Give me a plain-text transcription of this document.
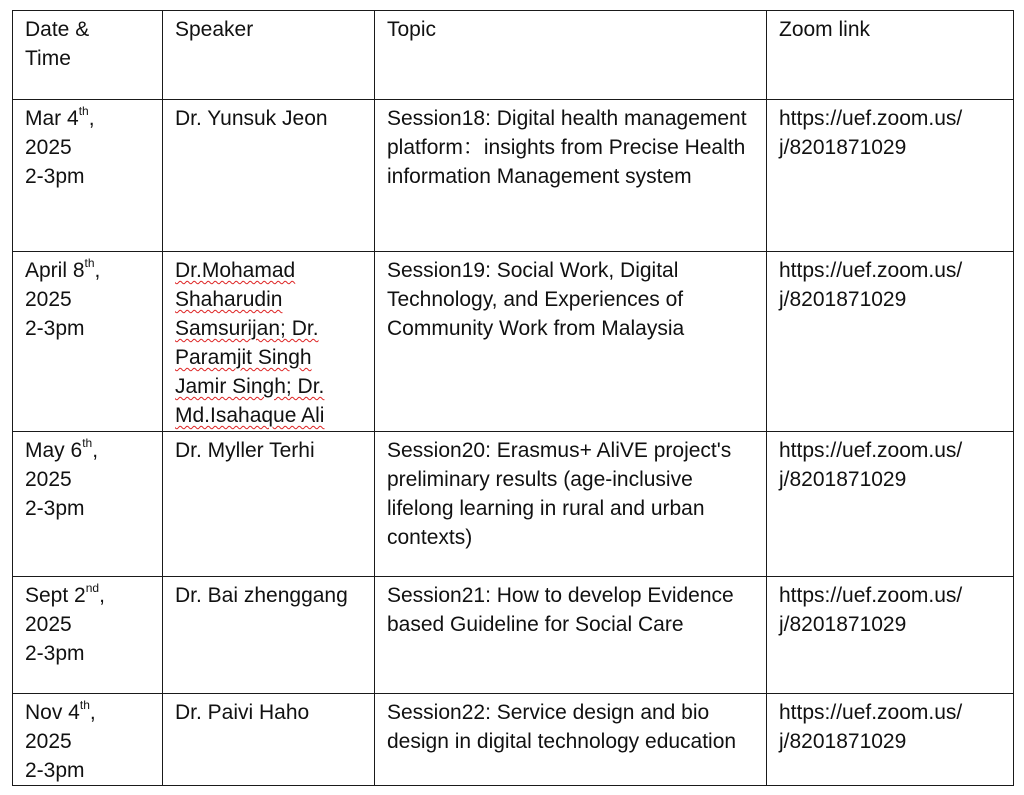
Date &
Time	Speaker	Topic	Zoom link

Mar 4th,
2025
2-3pm	Dr. Yunsuk Jeon	Session18: Digital health management platform：insights from Precise Health information Management system	https://uef.zoom.us/
j/8201871029

April 8th,
2025
2-3pm	Dr.Mohamad Shaharudin Samsurijan; Dr. Paramjit Singh Jamir Singh; Dr. Md.Isahaque Ali	Session19: Social Work, Digital Technology, and Experiences of Community Work from Malaysia	https://uef.zoom.us/
j/8201871029

May 6th,
2025
2-3pm	Dr. Myller Terhi	Session20: Erasmus+ AliVE project's preliminary results (age-inclusive lifelong learning in rural and urban contexts)	https://uef.zoom.us/
j/8201871029

Sept 2nd,
2025
2-3pm	Dr. Bai zhenggang	Session21: How to develop Evidence based Guideline for Social Care	https://uef.zoom.us/
j/8201871029

Nov 4th,
2025
2-3pm	Dr. Paivi Haho	Session22: Service design and bio design in digital technology education	https://uef.zoom.us/
j/8201871029
